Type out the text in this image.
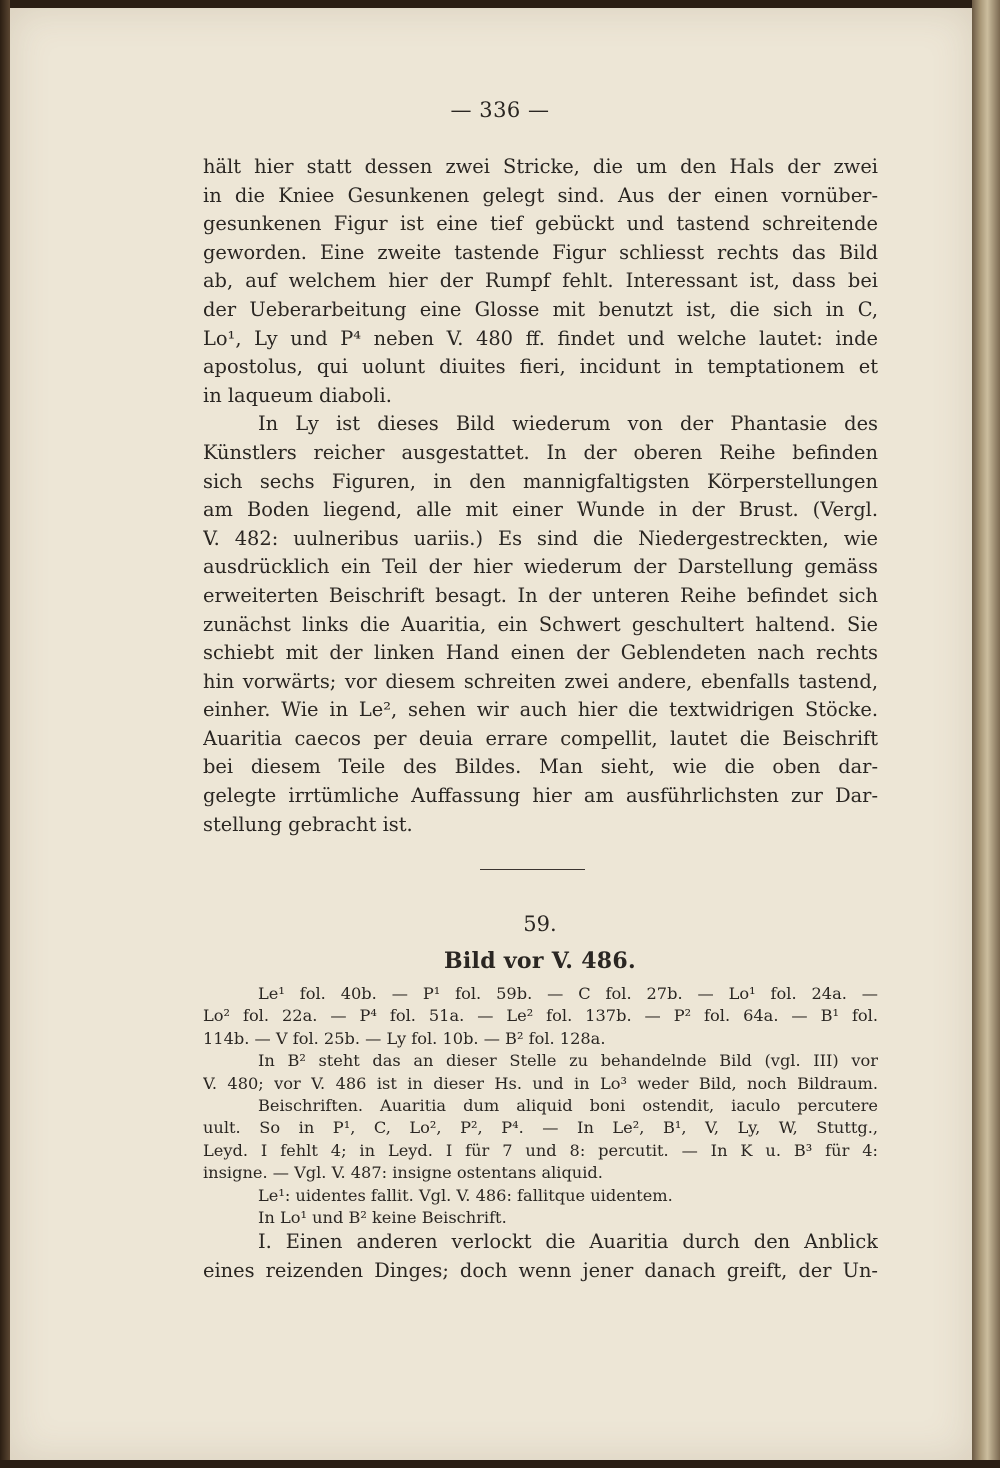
— 336 —
hält hier statt dessen zwei Stricke, die um den Hals der zwei
in die Kniee Gesunkenen gelegt sind. Aus der einen vornüber-
gesunkenen Figur ist eine tief gebückt und tastend schreitende
geworden. Eine zweite tastende Figur schliesst rechts das Bild
ab, auf welchem hier der Rumpf fehlt. Interessant ist, dass bei
der Ueberarbeitung eine Glosse mit benutzt ist, die sich in C,
Lo¹, Ly und P⁴ neben V. 480 ff. findet und welche lautet: inde
apostolus, qui uolunt diuites fieri, incidunt in temptationem et
in laqueum diaboli.
In Ly ist dieses Bild wiederum von der Phantasie des
Künstlers reicher ausgestattet. In der oberen Reihe befinden
sich sechs Figuren, in den mannigfaltigsten Körperstellungen
am Boden liegend, alle mit einer Wunde in der Brust. (Vergl.
V. 482: uulneribus uariis.) Es sind die Niedergestreckten, wie
ausdrücklich ein Teil der hier wiederum der Darstellung gemäss
erweiterten Beischrift besagt. In der unteren Reihe befindet sich
zunächst links die Auaritia, ein Schwert geschultert haltend. Sie
schiebt mit der linken Hand einen der Geblendeten nach rechts
hin vorwärts; vor diesem schreiten zwei andere, ebenfalls tastend,
einher. Wie in Le², sehen wir auch hier die textwidrigen Stöcke.
Auaritia caecos per deuia errare compellit, lautet die Beischrift
bei diesem Teile des Bildes. Man sieht, wie die oben dar-
gelegte irrtümliche Auffassung hier am ausführlichsten zur Dar-
stellung gebracht ist.
59.
Bild vor V. 486.
Le¹ fol. 40b. — P¹ fol. 59b. — C fol. 27b. — Lo¹ fol. 24a. —
Lo² fol. 22a. — P⁴ fol. 51a. — Le² fol. 137b. — P² fol. 64a. — B¹ fol.
114b. — V fol. 25b. — Ly fol. 10b. — B² fol. 128a.
In B² steht das an dieser Stelle zu behandelnde Bild (vgl. III) vor
V. 480; vor V. 486 ist in dieser Hs. und in Lo³ weder Bild, noch Bildraum.
Beischriften. Auaritia dum aliquid boni ostendit, iaculo percutere
uult. So in P¹, C, Lo², P², P⁴. — In Le², B¹, V, Ly, W, Stuttg.,
Leyd. I fehlt 4; in Leyd. I für 7 und 8: percutit. — In K u. B³ für 4:
insigne. — Vgl. V. 487: insigne ostentans aliquid.
Le¹: uidentes fallit. Vgl. V. 486: fallitque uidentem.
In Lo¹ und B² keine Beischrift.
I. Einen anderen verlockt die Auaritia durch den Anblick
eines reizenden Dinges; doch wenn jener danach greift, der Un-
